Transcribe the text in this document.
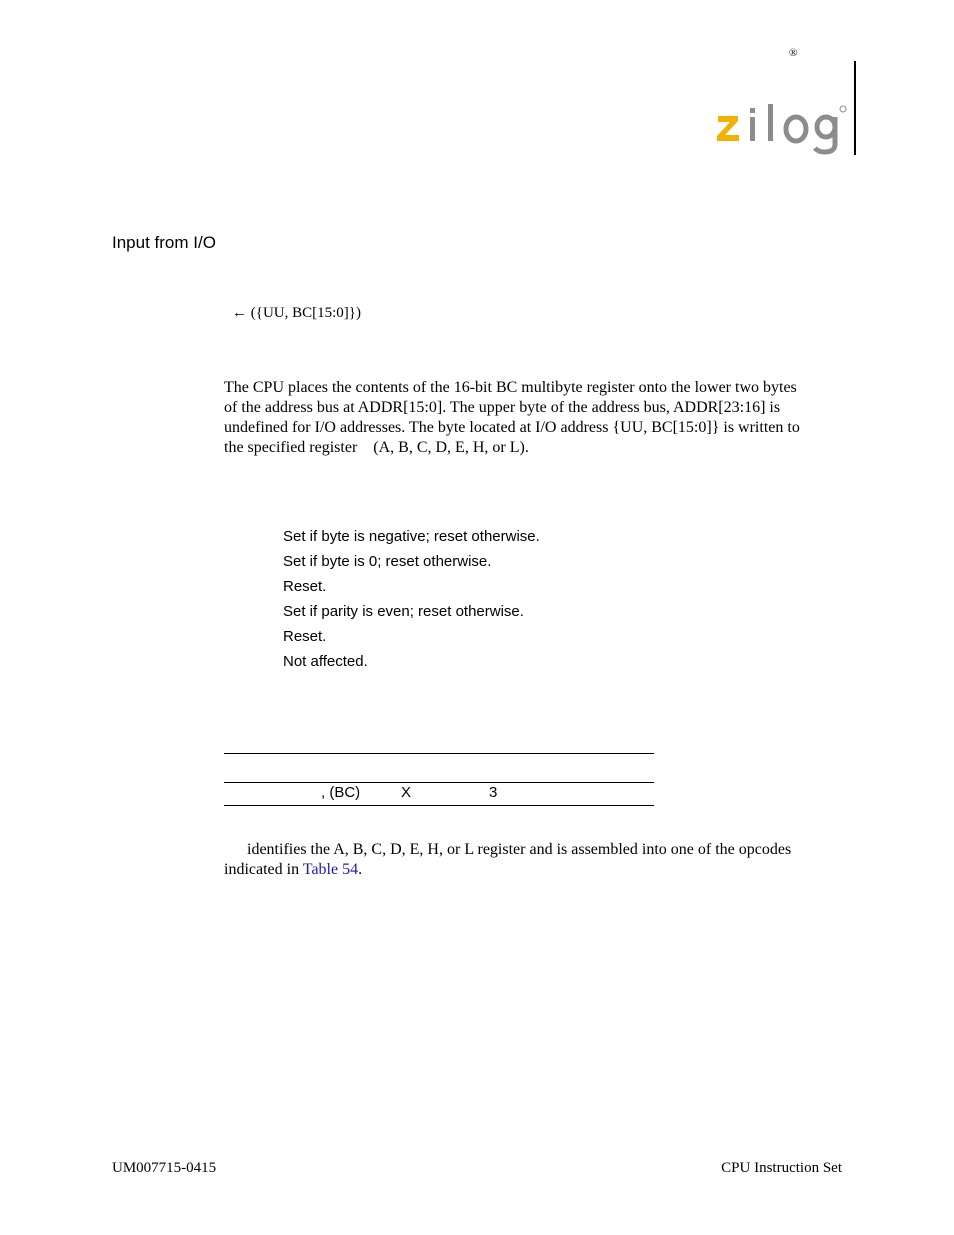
®
Input from I/O
← ({UU, BC[15:0]})

The CPU places the contents of the 16-bit BC multibyte register onto the lower two bytes

of the address bus at ADDR[15:0]. The upper byte of the address bus, ADDR[23:16] is

undefined for I/O addresses. The byte located at I/O address {UU, BC[15:0]} is written to

the specified register    (A, B, C, D, E, H, or L).

Set if byte is negative; reset otherwise.
Set if byte is 0; reset otherwise.
Reset.
Set if parity is even; reset otherwise.
Reset.
Not affected.
, (BC)	X	3

identifies the A, B, C, D, E, H, or L register and is assembled into one of the opcodes

indicated in Table 54.
UM007715-0415	CPU Instruction Set
